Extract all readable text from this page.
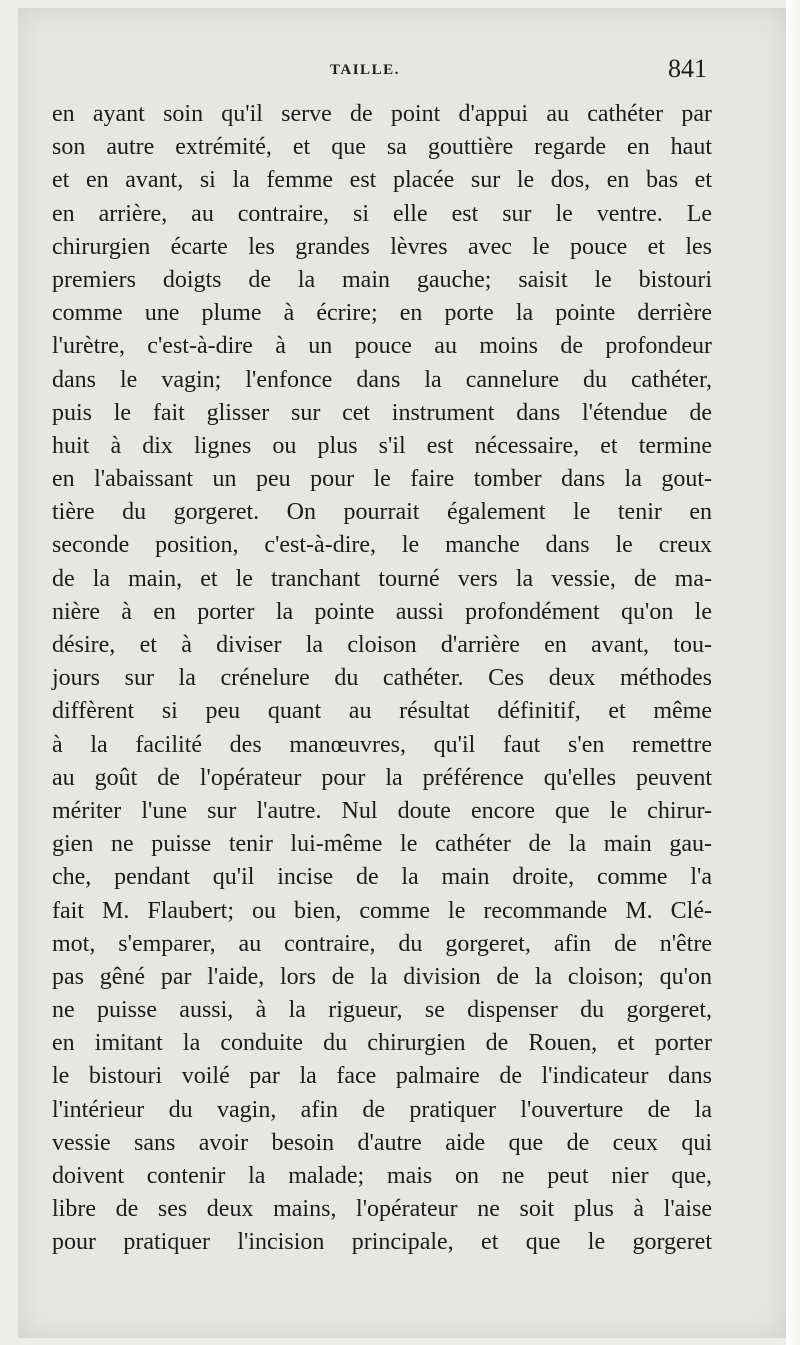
TAILLE.	841
en ayant soin qu'il serve de point d'appui au cathéter par
son autre extrémité, et que sa gouttière regarde en haut
et en avant, si la femme est placée sur le dos, en bas et
en arrière, au contraire, si elle est sur le ventre. Le
chirurgien écarte les grandes lèvres avec le pouce et les
premiers doigts de la main gauche; saisit le bistouri
comme une plume à écrire; en porte la pointe derrière
l'urètre, c'est-à-dire à un pouce au moins de profondeur
dans le vagin; l'enfonce dans la cannelure du cathéter,
puis le fait glisser sur cet instrument dans l'étendue de
huit à dix lignes ou plus s'il est nécessaire, et termine
en l'abaissant un peu pour le faire tomber dans la gout-
tière du gorgeret. On pourrait également le tenir en
seconde position, c'est-à-dire, le manche dans le creux
de la main, et le tranchant tourné vers la vessie, de ma-
nière à en porter la pointe aussi profondément qu'on le
désire, et à diviser la cloison d'arrière en avant, tou-
jours sur la crénelure du cathéter. Ces deux méthodes
diffèrent si peu quant au résultat définitif, et même
à la facilité des manœuvres, qu'il faut s'en remettre
au goût de l'opérateur pour la préférence qu'elles peuvent
mériter l'une sur l'autre. Nul doute encore que le chirur-
gien ne puisse tenir lui-même le cathéter de la main gau-
che, pendant qu'il incise de la main droite, comme l'a
fait M. Flaubert; ou bien, comme le recommande M. Clé-
mot, s'emparer, au contraire, du gorgeret, afin de n'être
pas gêné par l'aide, lors de la division de la cloison; qu'on
ne puisse aussi, à la rigueur, se dispenser du gorgeret,
en imitant la conduite du chirurgien de Rouen, et porter
le bistouri voilé par la face palmaire de l'indicateur dans
l'intérieur du vagin, afin de pratiquer l'ouverture de la
vessie sans avoir besoin d'autre aide que de ceux qui
doivent contenir la malade; mais on ne peut nier que,
libre de ses deux mains, l'opérateur ne soit plus à l'aise
pour pratiquer l'incision principale, et que le gorgeret
